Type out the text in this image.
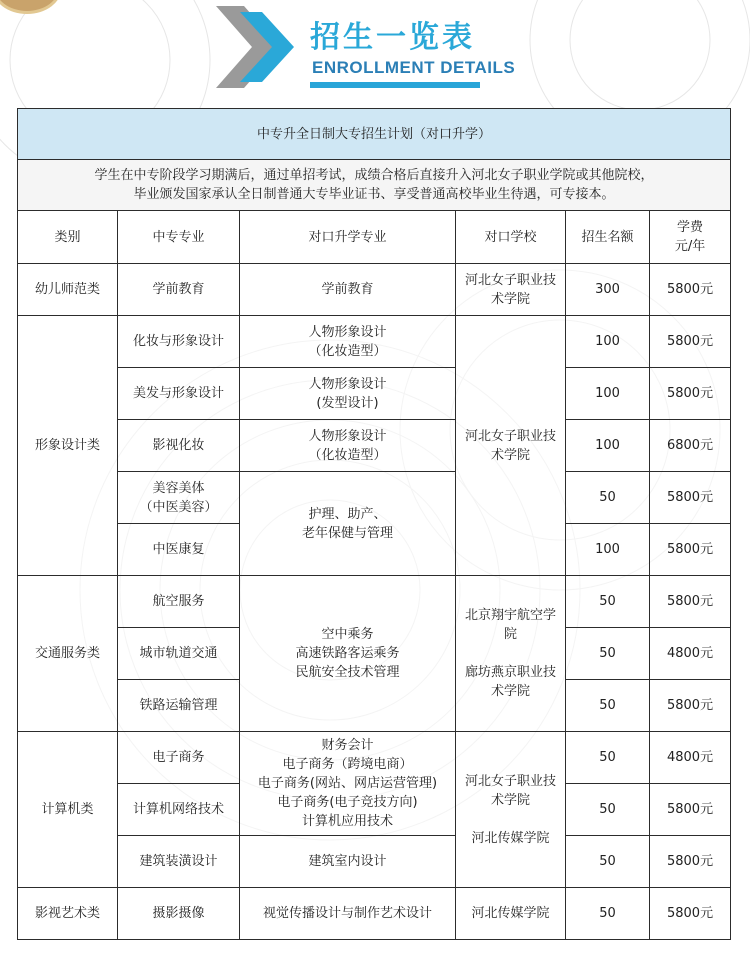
招生一览表
ENROLLMENT DETAILS
中专升全日制大专招生计划（对口升学）					

学生在中专阶段学习期满后，通过单招考试，成绩合格后直接升入河北女子职业学院或其他院校，
毕业颁发国家承认全日制普通大专毕业证书、享受普通高校毕业生待遇，可专接本。					

类别	中专专业	对口升学专业	对口学校	招生名额	学费
元/年

幼儿师范类	学前教育	学前教育	河北女子职业技
术学院	300	5800元
形象设计类	化妆与形象设计	人物形象设计
（化妆造型）	河北女子职业技
术学院	100	5800元
	美发与形象设计	人物形象设计
(发型设计)		100	5800元
	影视化妆	人物形象设计
（化妆造型）		100	6800元

	美容美体
（中医美容）	护理、助产、
老年保健与管理		50	5800元
	中医康复			100	5800元
交通服务类	航空服务	空中乘务
高速铁路客运乘务
民航安全技术管理	北京翔宇航空学
院
廊坊燕京职业技
术学院	50	5800元
	城市轨道交通			50	4800元
	铁路运输管理			50	5800元
计算机类	电子商务	财务会计
电子商务（跨境电商）
电子商务(网站、网店运营管理)
电子商务(电子竞技方向)
计算机应用技术	河北女子职业技
术学院
河北传媒学院	50	4800元
	计算机网络技术			50	5800元
	建筑装潢设计	建筑室内设计		50	5800元
影视艺术类	摄影摄像	视觉传播设计与制作艺术设计	河北传媒学院	50	5800元
